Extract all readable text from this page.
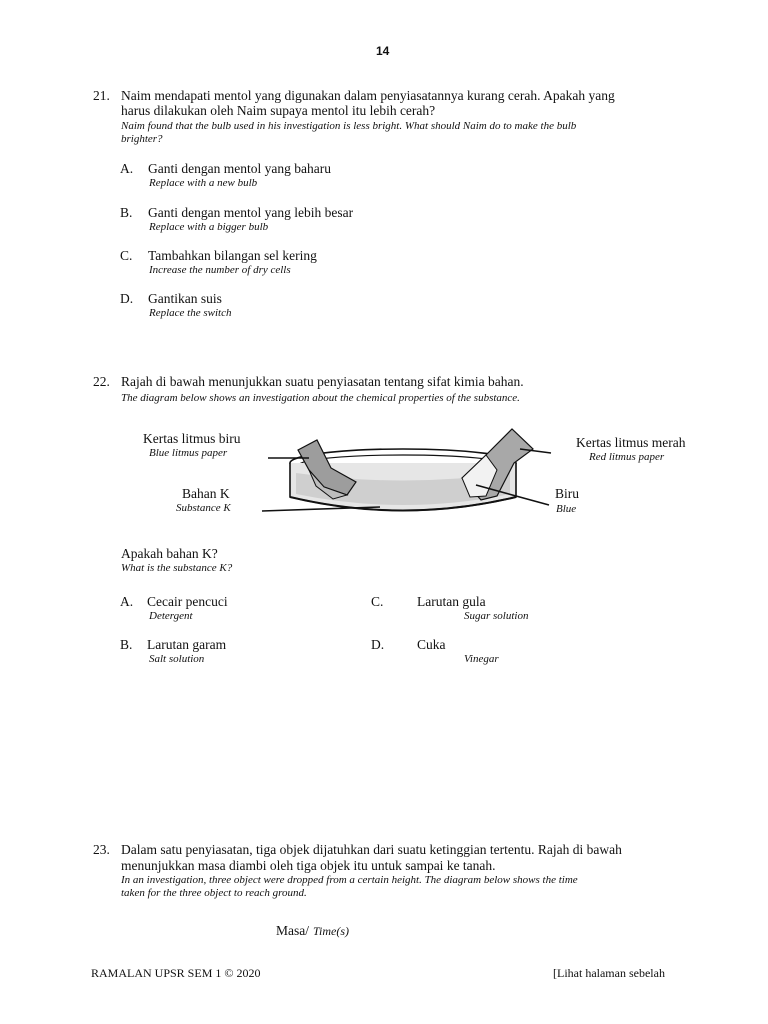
14
21. Naim mendapati mentol yang digunakan dalam penyiasatannya kurang cerah. Apakah yang
harus dilakukan oleh Naim supaya mentol itu lebih cerah?
Naim found that the bulb used in his investigation is less bright. What should Naim do to make the bulb
brighter?
A. Ganti dengan mentol yang baharu
Replace with a new bulb
B. Ganti dengan mentol yang lebih besar
Replace with a bigger bulb
C. Tambahkan bilangan sel kering
Increase the number of dry cells
D. Gantikan suis
Replace the switch
22. Rajah di bawah menunjukkan suatu penyiasatan tentang sifat kimia bahan.
The diagram below shows an investigation about the chemical properties of the substance.
Kertas litmus biru
Blue litmus paper
Bahan K
Substance K
Kertas litmus merah
Red litmus paper
Biru
Blue
Apakah bahan K?
What is the substance K?
A. Cecair pencuci
Detergent
B. Larutan garam
Salt solution
C. Larutan gula
Sugar solution
D. Cuka
Vinegar
23. Dalam satu penyiasatan, tiga objek dijatuhkan dari suatu ketinggian tertentu. Rajah di bawah
menunjukkan masa diambi oleh tiga objek itu untuk sampai ke tanah.
In an investigation, three object were dropped from a certain height. The diagram below shows the time
taken for the three object to reach ground.
Masa/ Time(s)
RAMALAN UPSR SEM 1 © 2020	[Lihat halaman sebelah
